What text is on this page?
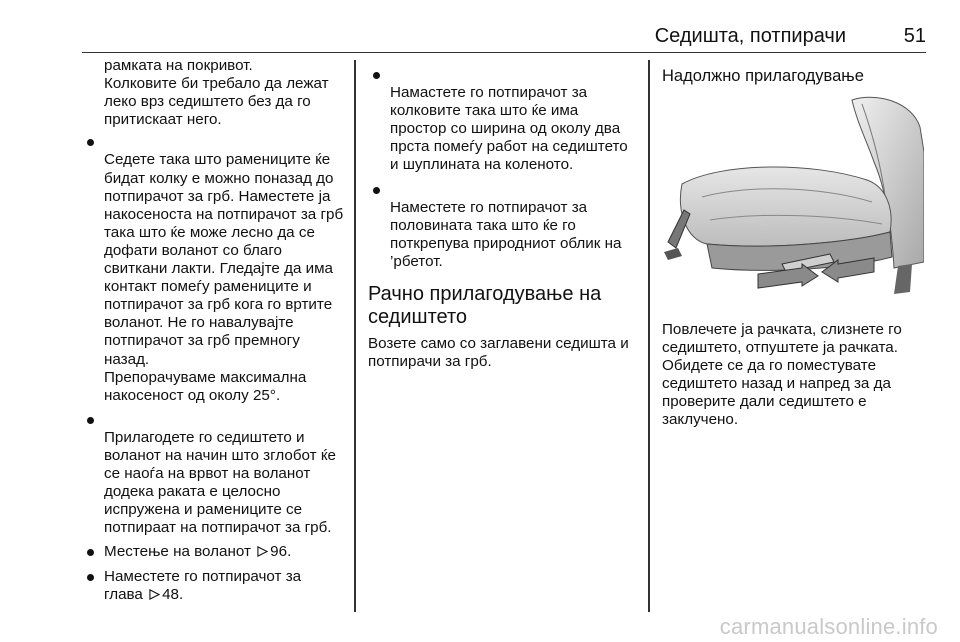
Седишта, потпирачи	51

рамката на покривот.
Колковите би требало да лежат лeко врз седиштето без да го притискаат него.

Седете така што рамениците ќе бидат колку е можно поназад до потпирачот за грб. Наместете ја накосеноста на потпирачот за грб така што ќе може лесно да се дофати воланот со благо свиткани лакти. Гледајте да има контакт помеѓу рамениците и потпирачот за грб кога го вртите воланот. Не го навалувајте потпирачот за грб премногу назад.
Препорачуваме максимална накосеност од околу 25°.

Прилагодете го седиштето и воланот на начин што зглобот ќе се наоѓа на врвот на воланот додека раката е целосно испружена и рамениците се потпираат на потпирачот за грб.

Местење на воланот 96.
Наместете го потпирачот за глава 48.

Намастете го потпирачот за колковите така што ќе има простор со ширина од околу два прста помеѓу работ на седиштето и шуплината на коленото.

Наместете го потпирачот за половината така што ќе го поткрепува природниот облик на ’рбетот.

Рачно прилагодување на седиштето

Возете само со заглавени седишта и потпирачи за грб.

Надолжно прилагодување

Повлечете ја рачката, слизнете го седиштето, отпуштете ја рачката. Обидете се да го поместувате седиштето назад и напред за да проверите дали седиштето е заклучено.

carmanualsonline.info
